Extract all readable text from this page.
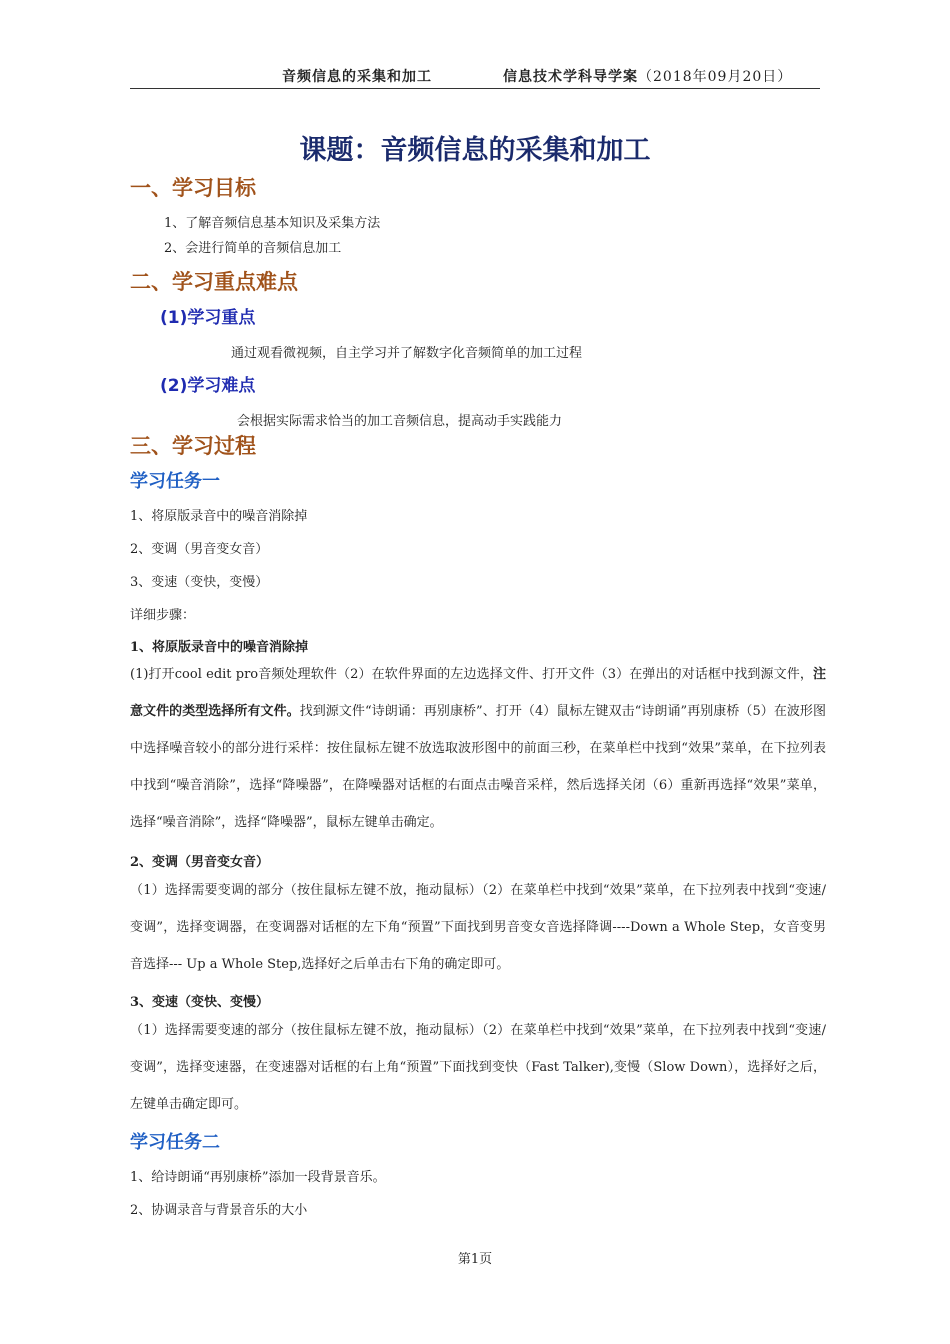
音频信息的采集和加工	信息技术学科导学案（2018年09月20日）
课题：音频信息的采集和加工
一、学习目标
1、了解音频信息基本知识及采集方法
2、会进行简单的音频信息加工
二、学习重点难点
(1)学习重点
通过观看微视频，自主学习并了解数字化音频简单的加工过程
(2)学习难点
会根据实际需求恰当的加工音频信息，提高动手实践能力
三、学习过程
学习任务一
1、将原版录音中的噪音消除掉
2、变调（男音变女音）
3、变速（变快，变慢）
详细步骤：
1、将原版录音中的噪音消除掉
(1)打开cool edit pro音频处理软件（2）在软件界面的左边选择文件、打开文件（3）在弹出的对话框中找到源文件，注意文件的类型选择所有文件。找到源文件“诗朗诵：再别康桥”、打开（4）鼠标左键双击“诗朗诵”再别康桥（5）在波形图中选择噪音较小的部分进行采样：按住鼠标左键不放选取波形图中的前面三秒，在菜单栏中找到“效果”菜单，在下拉列表中找到“噪音消除”，选择“降噪器”，在降噪器对话框的右面点击噪音采样，然后选择关闭（6）重新再选择“效果”菜单，选择“噪音消除”，选择“降噪器”，鼠标左键单击确定。
2、变调（男音变女音）
（1）选择需要变调的部分（按住鼠标左键不放，拖动鼠标）（2）在菜单栏中找到“效果”菜单，在下拉列表中找到“变速/变调”，选择变调器，在变调器对话框的左下角“预置”下面找到男音变女音选择降调----Down a Whole Step，女音变男音选择--- Up a Whole Step,选择好之后单击右下角的确定即可。
3、变速（变快、变慢）
（1）选择需要变速的部分（按住鼠标左键不放，拖动鼠标）（2）在菜单栏中找到“效果”菜单，在下拉列表中找到“变速/变调”，选择变速器，在变速器对话框的右上角“预置”下面找到变快（Fast Talker),变慢（Slow Down），选择好之后，左键单击确定即可。
学习任务二
1、给诗朗诵“再别康桥”添加一段背景音乐。
2、协调录音与背景音乐的大小
第1页
